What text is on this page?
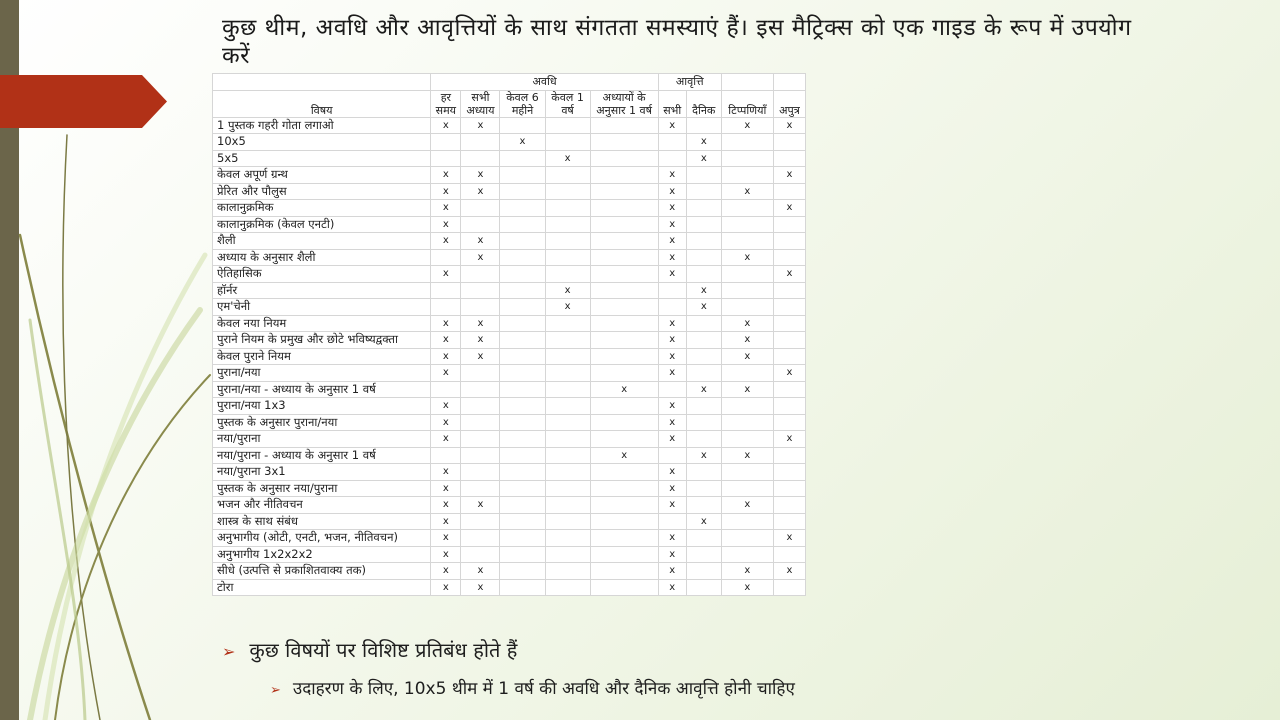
कुछ थीम, अवधि और आवृत्तियों के साथ संगतता समस्याएं हैं। इस मैट्रिक्स को एक गाइड के रूप में उपयोग करें
	अवधि					आवृत्ति			
विषय	हर समय	सभी अध्याय	केवल 6 महीने	केवल 1 वर्ष	अध्यायों के अनुसार 1 वर्ष	सभी	दैनिक	टिप्पणियाँ	अपुत्र
1 पुस्तक गहरी गोता लगाओ	x	x				x		x	x
10x5			x				x		
5x5				x			x		
केवल अपूर्ण ग्रन्थ	x	x				x			x
प्रेरित और पौलुस	x	x				x		x	
कालानुक्रमिक	x					x			x
कालानुक्रमिक (केवल एनटी)	x					x			
शैली	x	x				x			
अध्याय के अनुसार शैली		x				x		x	
ऐतिहासिक	x					x			x
हॉर्नर				x			x		
एम'चेनी				x			x		
केवल नया नियम	x	x				x		x	
पुराने नियम के प्रमुख और छोटे भविष्यद्वक्ता	x	x				x		x	
केवल पुराने नियम	x	x				x		x	
पुराना/नया	x					x			x
पुराना/नया - अध्याय के अनुसार 1 वर्ष					x		x	x	
पुराना/नया 1x3	x					x			
पुस्तक के अनुसार पुराना/नया	x					x			
नया/पुराना	x					x			x
नया/पुराना - अध्याय के अनुसार 1 वर्ष					x		x	x	
नया/पुराना 3x1	x					x			
पुस्तक के अनुसार नया/पुराना	x					x			
भजन और नीतिवचन	x	x				x		x	
शास्त्र के साथ संबंध	x						x		
अनुभागीय (ओटी, एनटी, भजन, नीतिवचन)	x					x			x
अनुभागीय 1x2x2x2	x					x			
सीधे (उत्पत्ति से प्रकाशितवाक्य तक)	x	x				x		x	x
टोरा	x	x				x		x	
➢ कुछ विषयों पर विशिष्ट प्रतिबंध होते हैं
➢ उदाहरण के लिए, 10x5 थीम में 1 वर्ष की अवधि और दैनिक आवृत्ति होनी चाहिए
